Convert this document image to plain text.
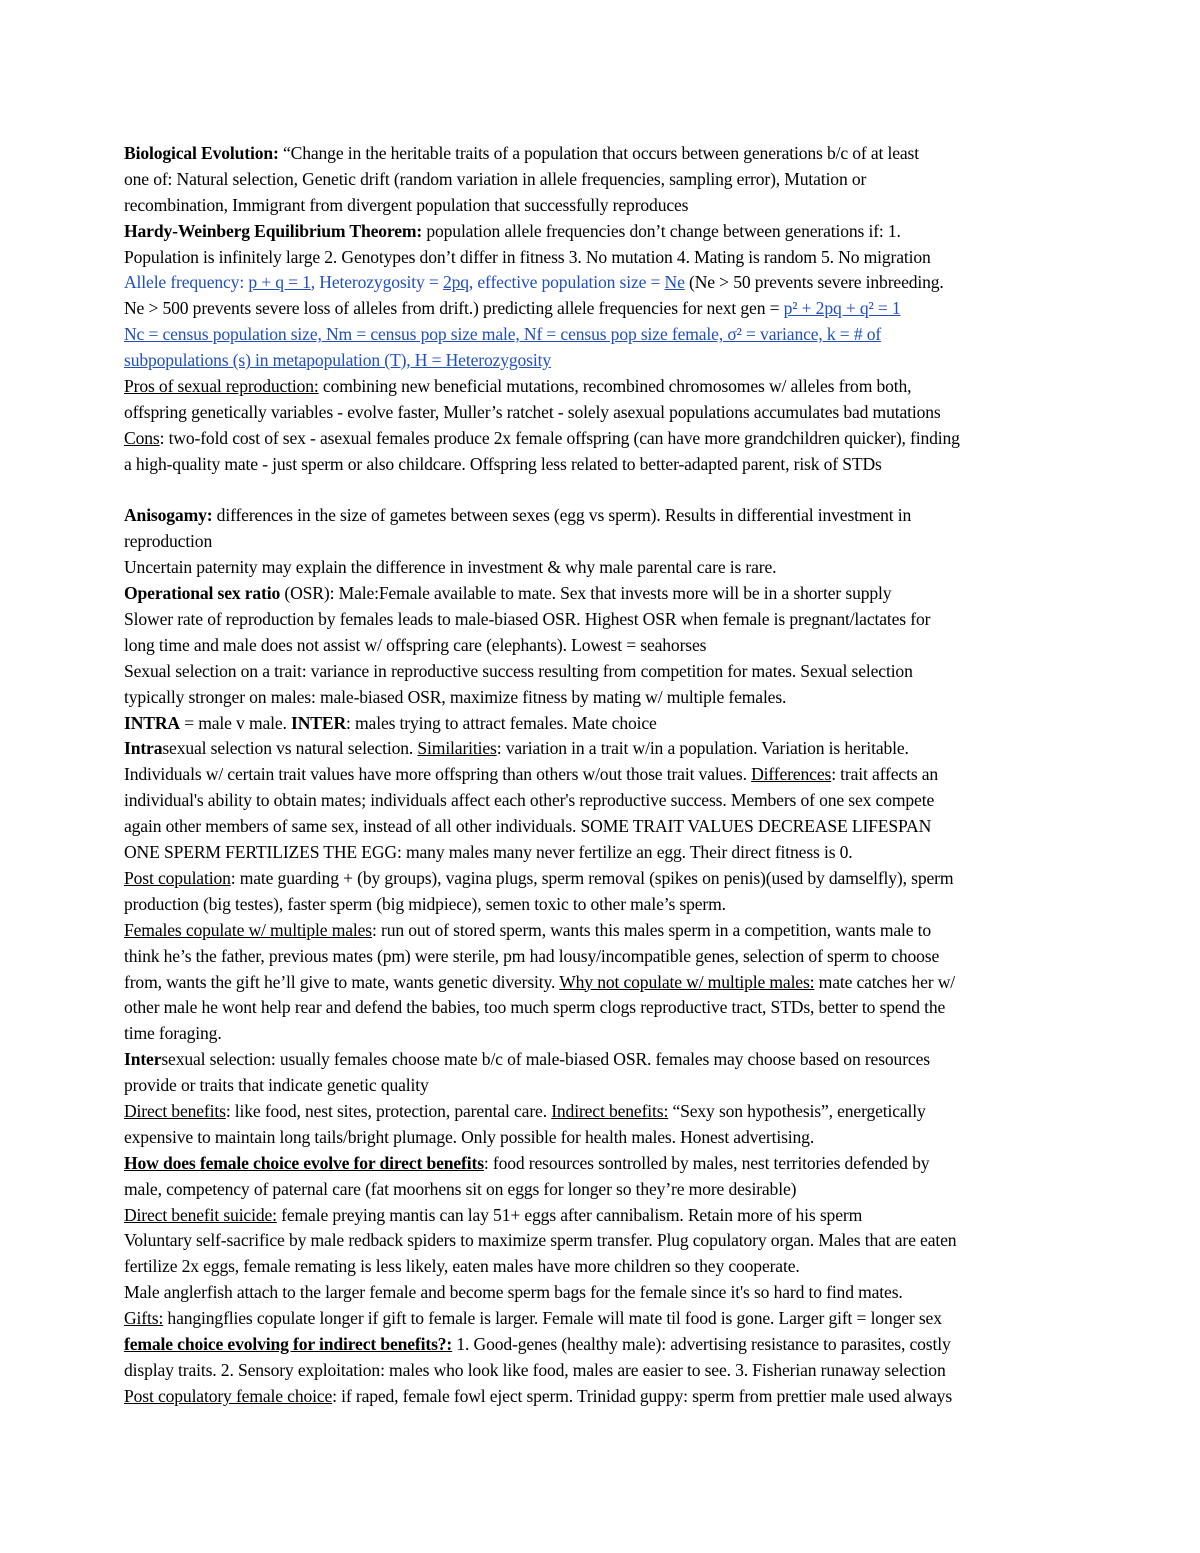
Biological Evolution: “Change in the heritable traits of a population that occurs between generations b/c of at least
one of: Natural selection, Genetic drift (random variation in allele frequencies, sampling error), Mutation or
recombination, Immigrant from divergent population that successfully reproduces
Hardy-Weinberg Equilibrium Theorem: population allele frequencies don’t change between generations if: 1.
Population is infinitely large 2. Genotypes don’t differ in fitness 3. No mutation 4. Mating is random 5. No migration
Allele frequency: p + q = 1, Heterozygosity = 2pq, effective population size = Ne (Ne > 50 prevents severe inbreeding.
Ne > 500 prevents severe loss of alleles from drift.) predicting allele frequencies for next gen = p² + 2pq + q² = 1
Nc = census population size, Nm = census pop size male, Nf = census pop size female, σ² = variance, k = # of
subpopulations (s) in metapopulation (T), H = Heterozygosity
Pros of sexual reproduction: combining new beneficial mutations, recombined chromosomes w/ alleles from both,
offspring genetically variables - evolve faster, Muller’s ratchet - solely asexual populations accumulates bad mutations
Cons: two-fold cost of sex - asexual females produce 2x female offspring (can have more grandchildren quicker), finding
a high-quality mate - just sperm or also childcare. Offspring less related to better-adapted parent, risk of STDs
Anisogamy: differences in the size of gametes between sexes (egg vs sperm). Results in differential investment in
reproduction
Uncertain paternity may explain the difference in investment & why male parental care is rare.
Operational sex ratio (OSR): Male:Female available to mate. Sex that invests more will be in a shorter supply
Slower rate of reproduction by females leads to male-biased OSR. Highest OSR when female is pregnant/lactates for
long time and male does not assist w/ offspring care (elephants). Lowest = seahorses
Sexual selection on a trait: variance in reproductive success resulting from competition for mates. Sexual selection
typically stronger on males: male-biased OSR, maximize fitness by mating w/ multiple females.
INTRA = male v male. INTER: males trying to attract females. Mate choice
Intrasexual selection vs natural selection. Similarities: variation in a trait w/in a population. Variation is heritable.
Individuals w/ certain trait values have more offspring than others w/out those trait values. Differences: trait affects an
individual's ability to obtain mates; individuals affect each other's reproductive success. Members of one sex compete
again other members of same sex, instead of all other individuals. SOME TRAIT VALUES DECREASE LIFESPAN
ONE SPERM FERTILIZES THE EGG: many males many never fertilize an egg. Their direct fitness is 0.
Post copulation: mate guarding + (by groups), vagina plugs, sperm removal (spikes on penis)(used by damselfly), sperm
production (big testes), faster sperm (big midpiece), semen toxic to other male’s sperm.
Females copulate w/ multiple males: run out of stored sperm, wants this males sperm in a competition, wants male to
think he’s the father, previous mates (pm) were sterile, pm had lousy/incompatible genes, selection of sperm to choose
from, wants the gift he’ll give to mate, wants genetic diversity. Why not copulate w/ multiple males: mate catches her w/
other male he wont help rear and defend the babies, too much sperm clogs reproductive tract, STDs, better to spend the
time foraging.
Intersexual selection: usually females choose mate b/c of male-biased OSR. females may choose based on resources
provide or traits that indicate genetic quality
Direct benefits: like food, nest sites, protection, parental care. Indirect benefits: “Sexy son hypothesis”, energetically
expensive to maintain long tails/bright plumage. Only possible for health males. Honest advertising.
How does female choice evolve for direct benefits: food resources sontrolled by males, nest territories defended by
male, competency of paternal care (fat moorhens sit on eggs for longer so they’re more desirable)
Direct benefit suicide: female preying mantis can lay 51+ eggs after cannibalism. Retain more of his sperm
Voluntary self-sacrifice by male redback spiders to maximize sperm transfer. Plug copulatory organ. Males that are eaten
fertilize 2x eggs, female remating is less likely, eaten males have more children so they cooperate.
Male anglerfish attach to the larger female and become sperm bags for the female since it's so hard to find mates.
Gifts: hangingflies copulate longer if gift to female is larger. Female will mate til food is gone. Larger gift = longer sex
female choice evolving for indirect benefits?: 1. Good-genes (healthy male): advertising resistance to parasites, costly
display traits. 2. Sensory exploitation: males who look like food, males are easier to see. 3. Fisherian runaway selection
Post copulatory female choice: if raped, female fowl eject sperm. Trinidad guppy: sperm from prettier male used always
